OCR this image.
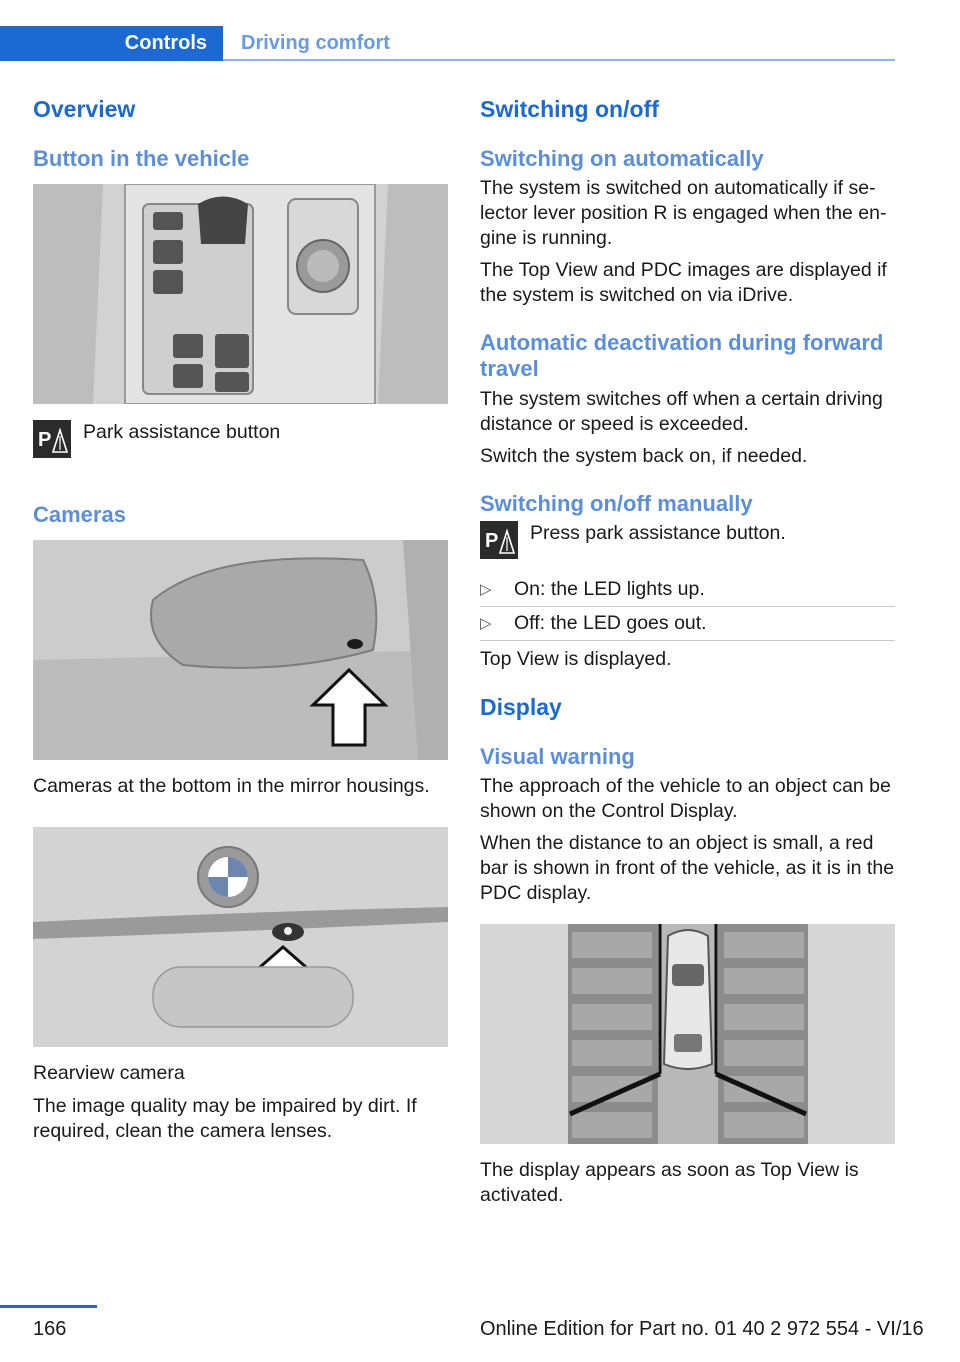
Controls	Driving comfort
Overview
Button in the vehicle
P Park assistance button
Cameras

Cameras at the bottom in the mirror housings.

Rearview camera

The image quality may be impaired by dirt. If required, clean the camera lenses.

Switching on/off
Switching on automatically

The system is switched on automatically if selector lever position R is engaged when the engine is running.

The Top View and PDC images are displayed if the system is switched on via iDrive.

Automatic deactivation during forward travel

The system switches off when a certain driving distance or speed is exceeded.

Switch the system back on, if needed.

Switching on/off manually
P Press park assistance button.
▷ On: the LED lights up.
▷ Off: the LED goes out.

Top View is displayed.

Display
Visual warning

The approach of the vehicle to an object can be shown on the Control Display.

When the distance to an object is small, a red bar is shown in front of the vehicle, as it is in the PDC display.

The display appears as soon as Top View is activated.

166	Online Edition for Part no. 01 40 2 972 554 - VI/16
